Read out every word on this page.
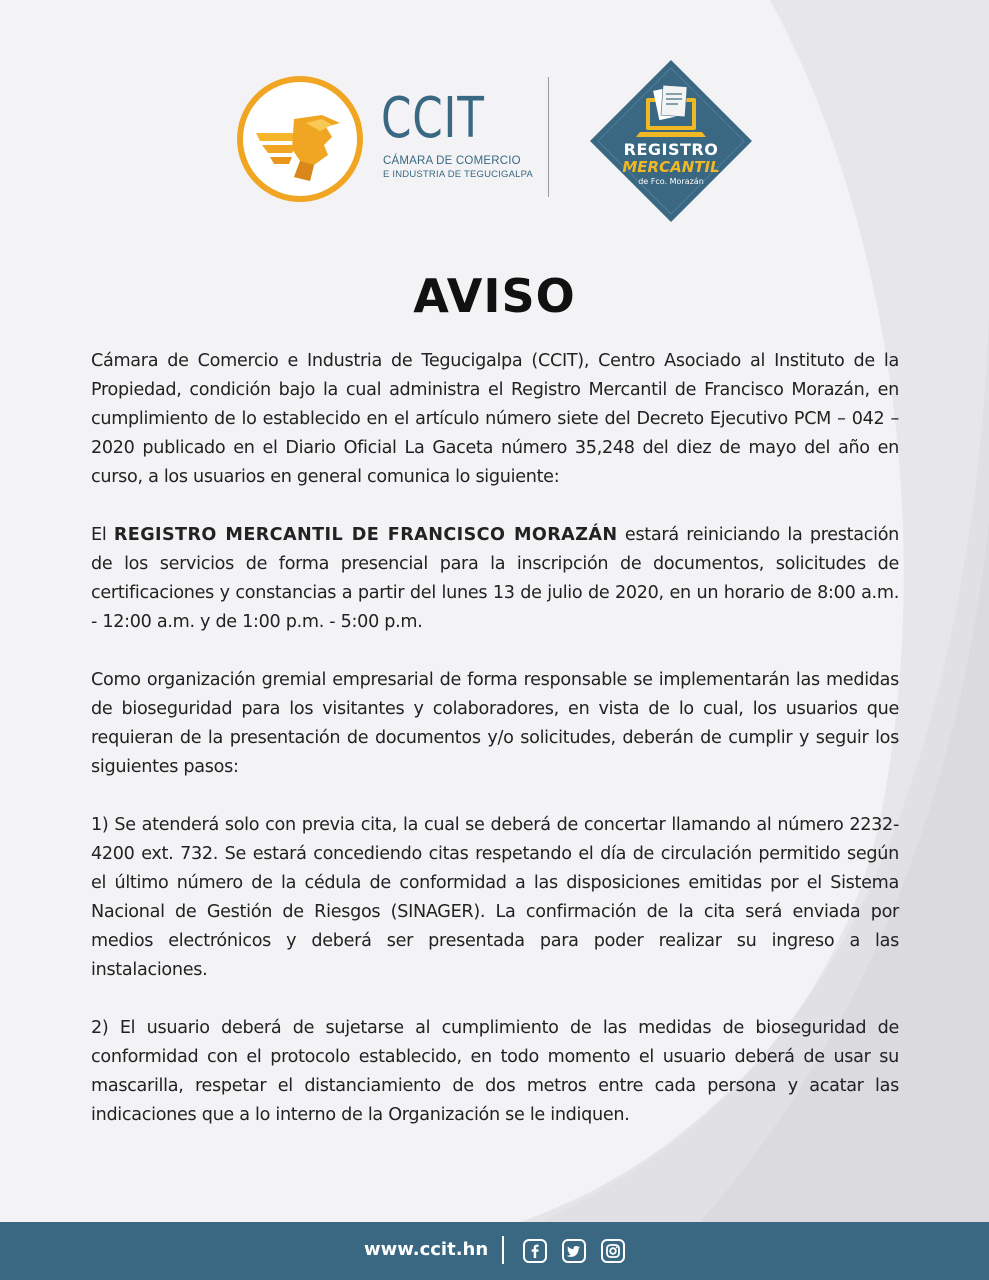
CCIT
CÁMARA DE COMERCIO
E INDUSTRIA DE TEGUCIGALPA
REGISTRO
MERCANTIL
de Fco. Morazán
AVISO

Cámara de Comercio e Industria de Tegucigalpa (CCIT), Centro Asociado al Instituto de la Propiedad, condición bajo la cual administra el Registro Mercantil de Francisco Morazán, en cumplimiento de lo establecido en el artículo número siete del Decreto Ejecutivo PCM – 042 – 2020 publicado en el Diario Oficial La Gaceta número 35,248 del diez de mayo del año en curso, a los usuarios en general comunica lo siguiente:

El REGISTRO MERCANTIL DE FRANCISCO MORAZÁN estará reiniciando la prestación de los servicios de forma presencial para la inscripción de documentos, solicitudes de certificaciones y constancias a partir del lunes 13 de julio de 2020, en un horario de 8:00 a.m. - 12:00 a.m. y de 1:00 p.m. - 5:00 p.m.

Como organización gremial empresarial de forma responsable se implementarán las medidas de bioseguridad para los visitantes y colaboradores, en vista de lo cual, los usuarios que requieran de la presentación de documentos y/o solicitudes, deberán de cumplir y seguir los siguientes pasos:

1) Se atenderá solo con previa cita, la cual se deberá de concertar llamando al número 2232-4200 ext. 732. Se estará concediendo citas respetando el día de circulación permitido según el último número de la cédula de conformidad a las disposiciones emitidas por el Sistema Nacional de Gestión de Riesgos (SINAGER). La confirmación de la cita será enviada por medios electrónicos y deberá ser presentada para poder realizar su ingreso a las instalaciones.

2) El usuario deberá de sujetarse al cumplimiento de las medidas de bioseguridad de conformidad con el protocolo establecido, en todo momento el usuario deberá de usar su mascarilla, respetar el distanciamiento de dos metros entre cada persona y acatar las indicaciones que a lo interno de la Organización se le indiquen.

www.ccit.hn
